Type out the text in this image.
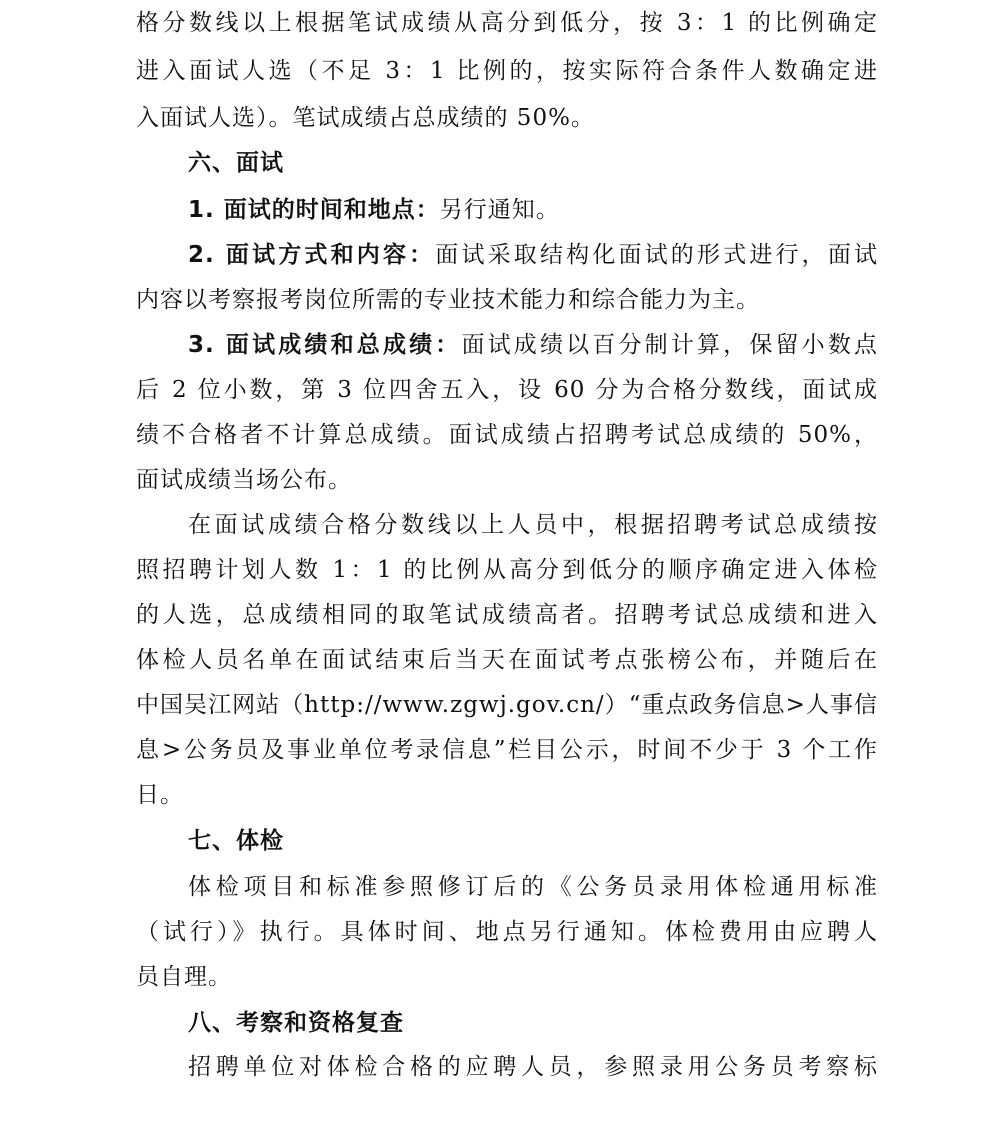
格分数线以上根据笔试成绩从高分到低分，按 3：1 的比例确定
进入面试人选（不足 3：1 比例的，按实际符合条件人数确定进
入面试人选）。笔试成绩占总成绩的 50%。
六、面试
1. 面试的时间和地点：另行通知。
2. 面试方式和内容：面试采取结构化面试的形式进行，面试
内容以考察报考岗位所需的专业技术能力和综合能力为主。
3. 面试成绩和总成绩：面试成绩以百分制计算，保留小数点
后 2 位小数，第 3 位四舍五入，设 60 分为合格分数线，面试成
绩不合格者不计算总成绩。面试成绩占招聘考试总成绩的 50%，
面试成绩当场公布。
在面试成绩合格分数线以上人员中，根据招聘考试总成绩按
照招聘计划人数 1：1 的比例从高分到低分的顺序确定进入体检
的人选，总成绩相同的取笔试成绩高者。招聘考试总成绩和进入
体检人员名单在面试结束后当天在面试考点张榜公布，并随后在
中国吴江网站（http://www.zgwj.gov.cn/）“重点政务信息>人事信
息>公务员及事业单位考录信息”栏目公示，时间不少于 3 个工作
日。
七、体检
体检项目和标准参照修订后的《公务员录用体检通用标准
（试行）》执行。具体时间、地点另行通知。体检费用由应聘人
员自理。
八、考察和资格复查
招聘单位对体检合格的应聘人员，参照录用公务员考察标
